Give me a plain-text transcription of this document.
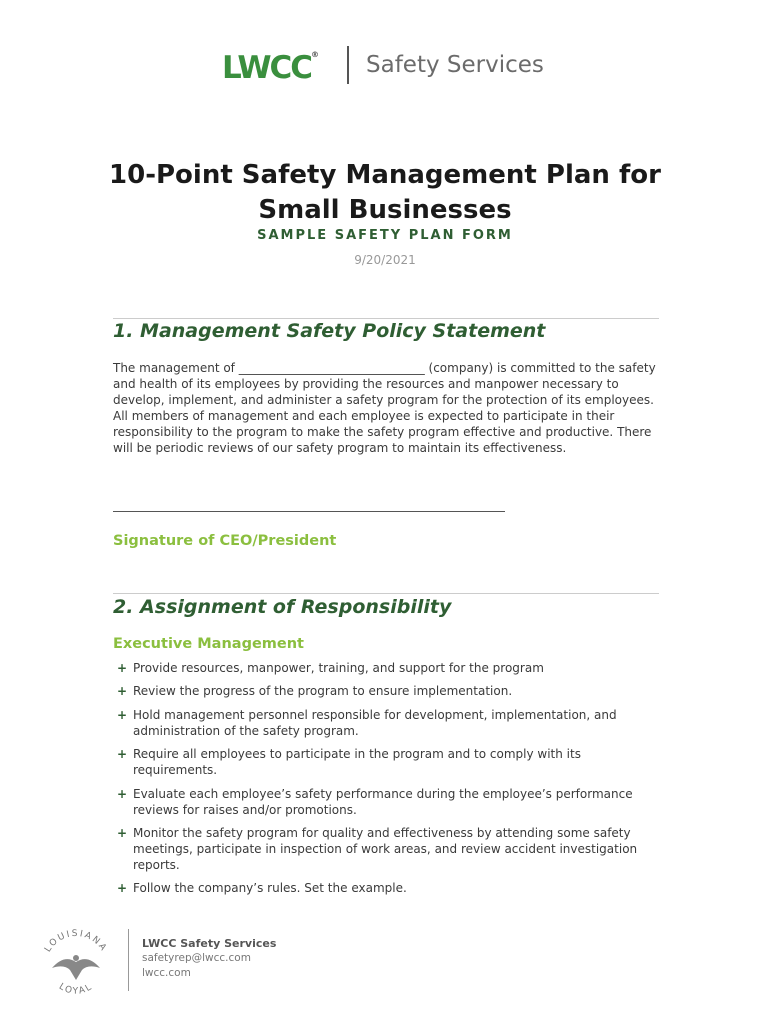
LWCC® Safety Services
10-Point Safety Management Plan for
Small Businesses
SAMPLE SAFETY PLAN FORM
9/20/2021
1. Management Safety Policy Statement
The management of _______________________________ (company) is committed to the safety and health of its employees by providing the resources and manpower necessary to develop, implement, and administer a safety program for the protection of its employees. All members of management and each employee is expected to participate in their responsibility to the program to make the safety program effective and productive. There will be periodic reviews of our safety program to maintain its effectiveness.
Signature of CEO/President
2. Assignment of Responsibility
Executive Management
+ Provide resources, manpower, training, and support for the program
+ Review the progress of the program to ensure implementation.
+ Hold management personnel responsible for development, implementation, and administration of the safety program.
+ Require all employees to participate in the program and to comply with its requirements.
+ Evaluate each employee’s safety performance during the employee’s performance reviews for raises and/or promotions.
+ Monitor the safety program for quality and effectiveness by attending some safety meetings, participate in inspection of work areas, and review accident investigation reports.
+ Follow the company’s rules. Set the example.
LOUISIANA
LOYAL
LWCC Safety Services
safetyrep@lwcc.com
lwcc.com
